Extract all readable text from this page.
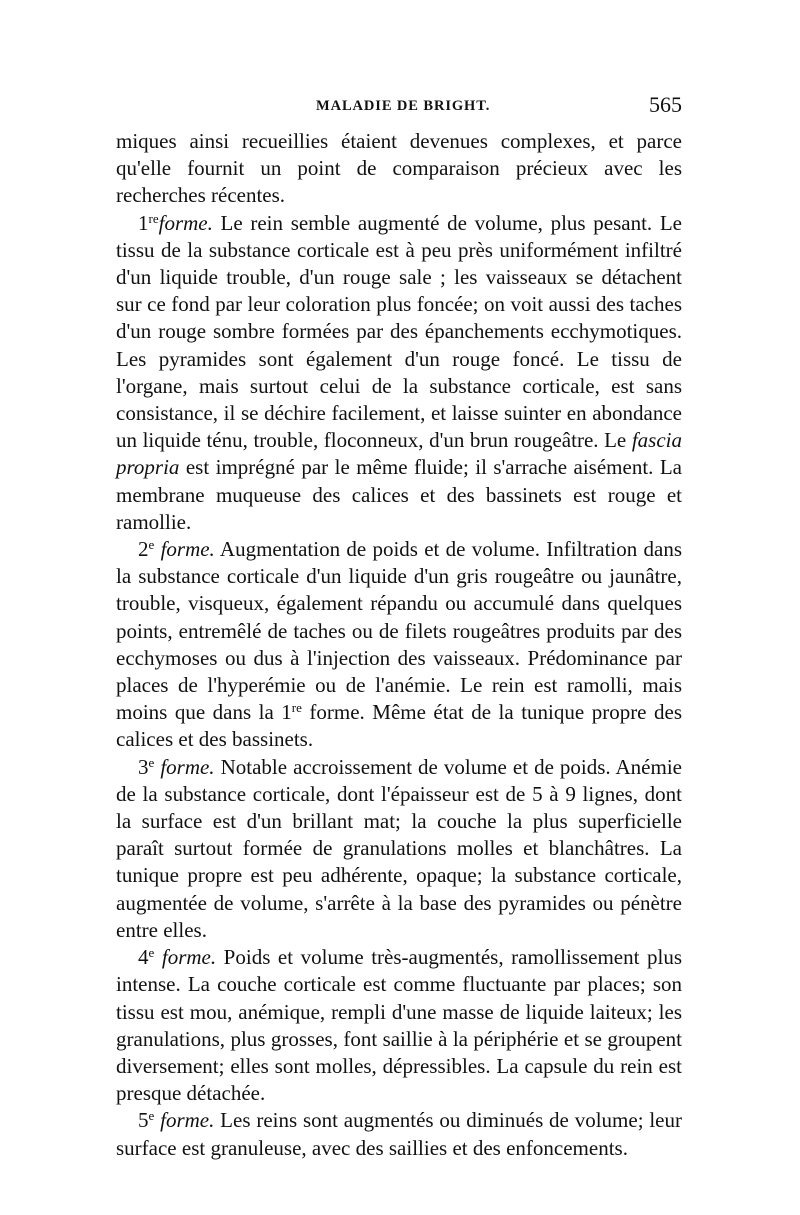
MALADIE DE BRIGHT.	565

miques ainsi recueillies étaient devenues complexes, et parce qu'elle fournit un point de comparaison précieux avec les recherches récentes.

1reforme. Le rein semble augmenté de volume, plus pesant. Le tissu de la substance corticale est à peu près uniformément infiltré d'un liquide trouble, d'un rouge sale ; les vaisseaux se détachent sur ce fond par leur coloration plus foncée; on voit aussi des taches d'un rouge sombre formées par des épanchements ecchymotiques. Les pyramides sont également d'un rouge foncé. Le tissu de l'organe, mais surtout celui de la substance corticale, est sans consistance, il se déchire facilement, et laisse suinter en abondance un liquide ténu, trouble, floconneux, d'un brun rougeâtre. Le fascia propria est imprégné par le même fluide; il s'arrache aisément. La membrane muqueuse des calices et des bassinets est rouge et ramollie.

2e forme. Augmentation de poids et de volume. Infiltration dans la substance corticale d'un liquide d'un gris rougeâtre ou jaunâtre, trouble, visqueux, également répandu ou accumulé dans quelques points, entremêlé de taches ou de filets rougeâtres produits par des ecchymoses ou dus à l'injection des vaisseaux. Prédominance par places de l'hyperémie ou de l'anémie. Le rein est ramolli, mais moins que dans la 1re forme. Même état de la tunique propre des calices et des bassinets.

3e forme. Notable accroissement de volume et de poids. Anémie de la substance corticale, dont l'épaisseur est de 5 à 9 lignes, dont la surface est d'un brillant mat; la couche la plus superficielle paraît surtout formée de granulations molles et blanchâtres. La tunique propre est peu adhérente, opaque; la substance corticale, augmentée de volume, s'arrête à la base des pyramides ou pénètre entre elles.

4e forme. Poids et volume très-augmentés, ramollissement plus intense. La couche corticale est comme fluctuante par places; son tissu est mou, anémique, rempli d'une masse de liquide laiteux; les granulations, plus grosses, font saillie à la périphérie et se groupent diversement; elles sont molles, dépressibles. La capsule du rein est presque détachée.

5e forme. Les reins sont augmentés ou diminués de volume; leur surface est granuleuse, avec des saillies et des enfoncements.
